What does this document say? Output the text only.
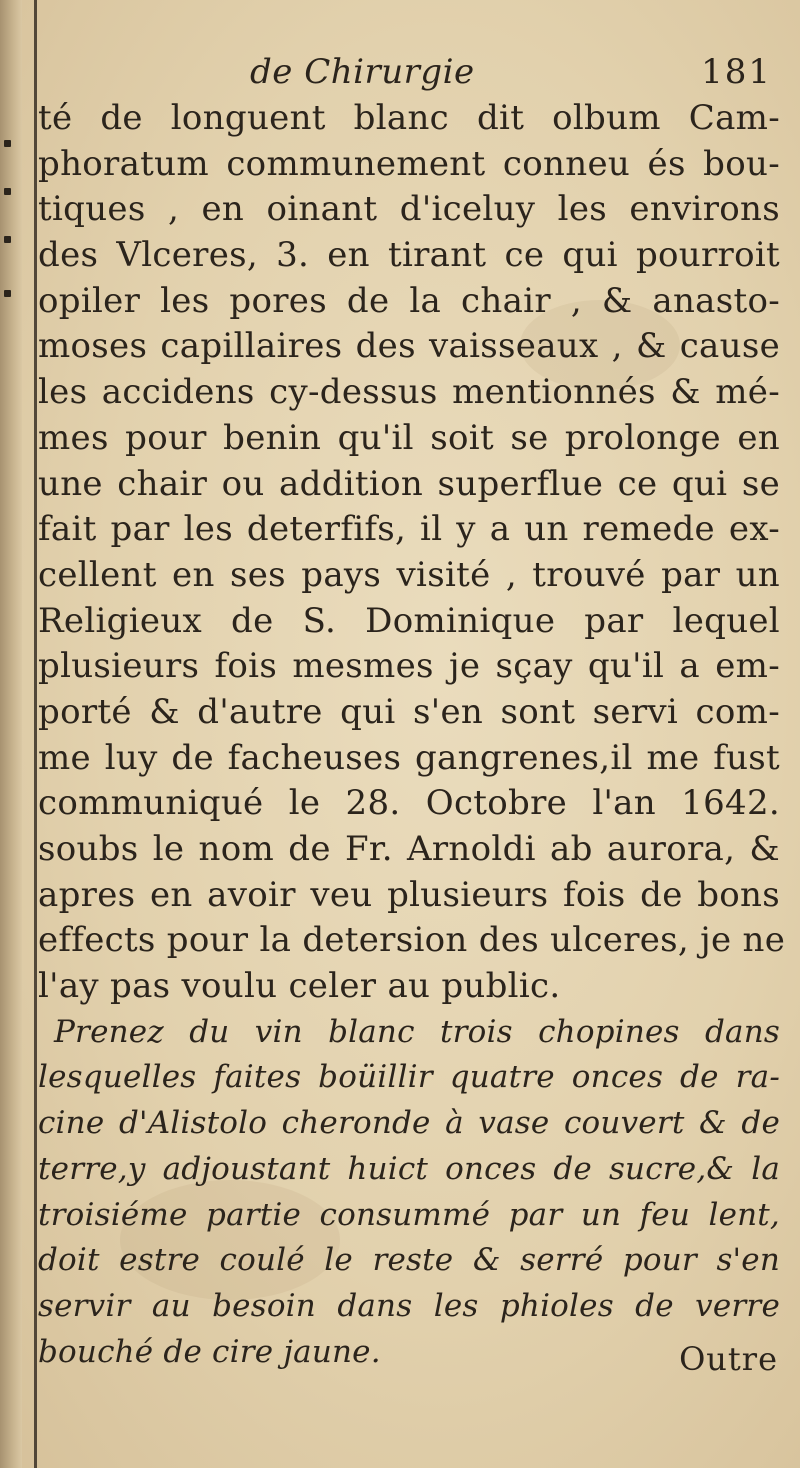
de Chirurgie	181
té de longuent blanc dit olbum Cam-
phoratum communement conneu és bou-
tiques , en oinant d'iceluy les environs
des Vlceres, 3. en tirant ce qui pourroit
opiler les pores de la chair , & anasto-
moses capillaires des vaisseaux , & cause
les accidens cy-dessus mentionnés & mé-
mes pour benin qu'il soit se prolonge en
une chair ou addition superflue ce qui se
fait par les deterfifs, il y a un remede ex-
cellent en ses pays visité , trouvé par un
Religieux de S. Dominique par lequel
plusieurs fois mesmes je sçay qu'il a em-
porté & d'autre qui s'en sont servi com-
me luy de facheuses gangrenes,il me fust
communiqué le 28. Octobre l'an 1642.
soubs le nom de Fr. Arnoldi ab aurora, &
apres en avoir veu plusieurs fois de bons
effects pour la detersion des ulceres, je ne
l'ay pas voulu celer au public.
Prenez du vin blanc trois chopines dans
lesquelles faites boüillir quatre onces de ra-
cine d'Alistolo cheronde à vase couvert & de
terre,y adjoustant huict onces de sucre,& la
troisiéme partie consummé par un feu lent,
doit estre coulé le reste & serré pour s'en
servir au besoin dans les phioles de verre
bouché de cire jaune.	Outre
